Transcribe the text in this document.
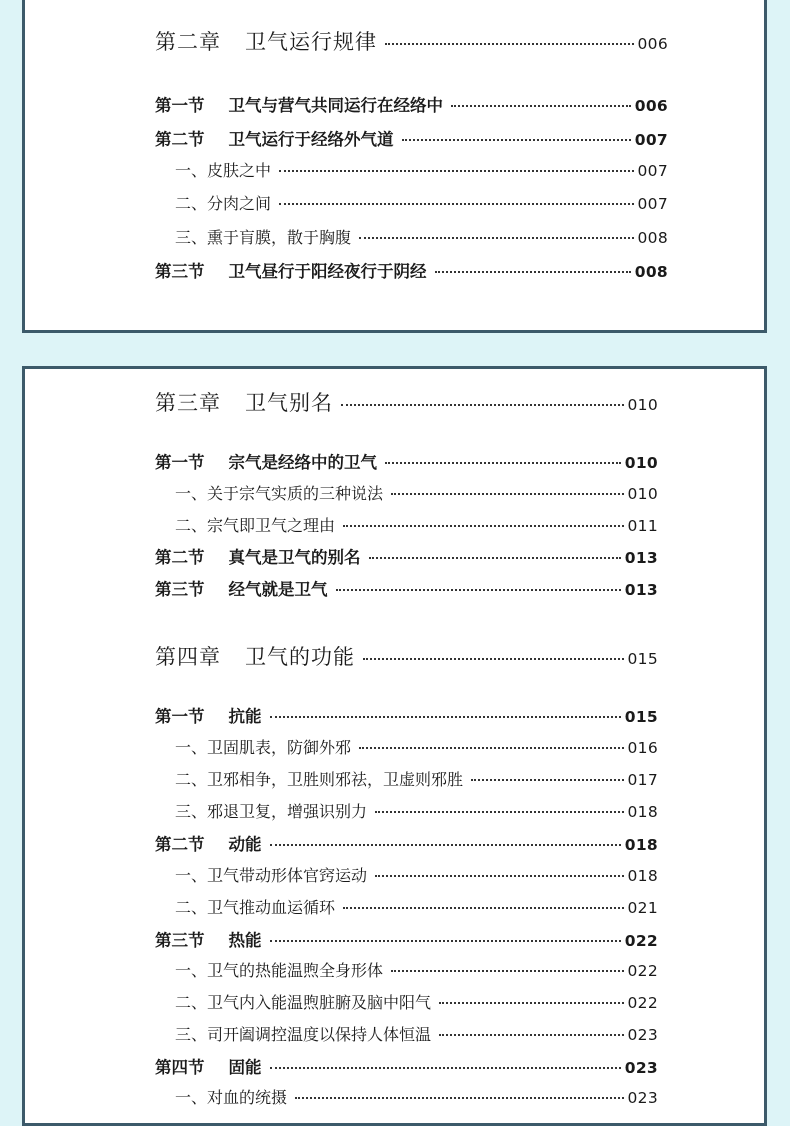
第二章 卫气运行规律	006
第一节 卫气与营气共同运行在经络中	006
第二节 卫气运行于经络外气道	007
一、皮肤之中	007
二、分肉之间	007
三、熏于肓膜，散于胸腹	008
第三节 卫气昼行于阳经夜行于阴经	008
第三章 卫气别名	010
第一节 宗气是经络中的卫气	010
一、关于宗气实质的三种说法	010
二、宗气即卫气之理由	011
第二节 真气是卫气的别名	013
第三节 经气就是卫气	013
第四章 卫气的功能	015
第一节 抗能	015
一、卫固肌表，防御外邪	016
二、卫邪相争，卫胜则邪祛，卫虚则邪胜	017
三、邪退卫复，增强识别力	018
第二节 动能	018
一、卫气带动形体官窍运动	018
二、卫气推动血运循环	021
第三节 热能	022
一、卫气的热能温煦全身形体	022
二、卫气内入能温煦脏腑及脑中阳气	022
三、司开阖调控温度以保持人体恒温	023
第四节 固能	023
一、对血的统摄	023
